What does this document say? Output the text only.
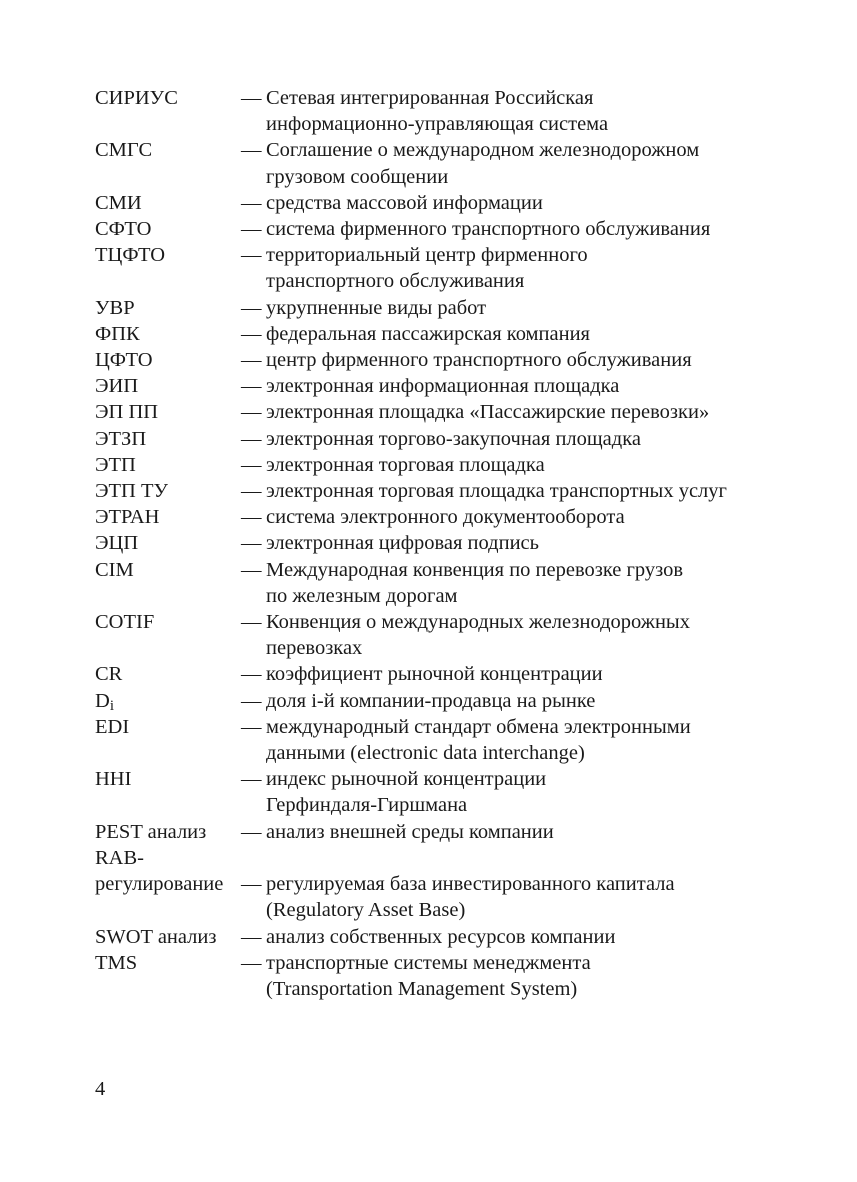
СИРИУС	— Сетевая интегрированная Российская
информационно-управляющая система
СМГС	— Соглашение о международном железнодорожном
грузовом сообщении
СМИ	— средства массовой информации
СФТО	— система фирменного транспортного обслуживания
ТЦФТО	— территориальный центр фирменного
транспортного обслуживания
УВР	— укрупненные виды работ
ФПК	— федеральная пассажирская компания
ЦФТО	— центр фирменного транспортного обслуживания
ЭИП	— электронная информационная площадка
ЭП ПП	— электронная площадка «Пассажирские перевозки»
ЭТЗП	— электронная торгово-закупочная площадка
ЭТП	— электронная торговая площадка
ЭТП ТУ	— электронная торговая площадка транспортных услуг
ЭТРАН	— система электронного документооборота
ЭЦП	— электронная цифровая подпись
CIM	— Международная конвенция по перевозке грузов
по железным дорогам
COTIF	— Конвенция о международных железнодорожных
перевозках
CR	— коэффициент рыночной концентрации
$D_i$	— доля i-й компании-продавца на рынке
EDI	— международный стандарт обмена электронными
данными (electronic data interchange)
HHI	— индекс рыночной концентрации
Герфиндаля-Гиршмана
PEST анализ — анализ внешней среды компании
RAB-

регулирование — регулируемая база инвестированного капитала
(Regulatory Asset Base)
SWOT анализ — анализ собственных ресурсов компании
TMS	— транспортные системы менеджмента
(Transportation Management System)
4
